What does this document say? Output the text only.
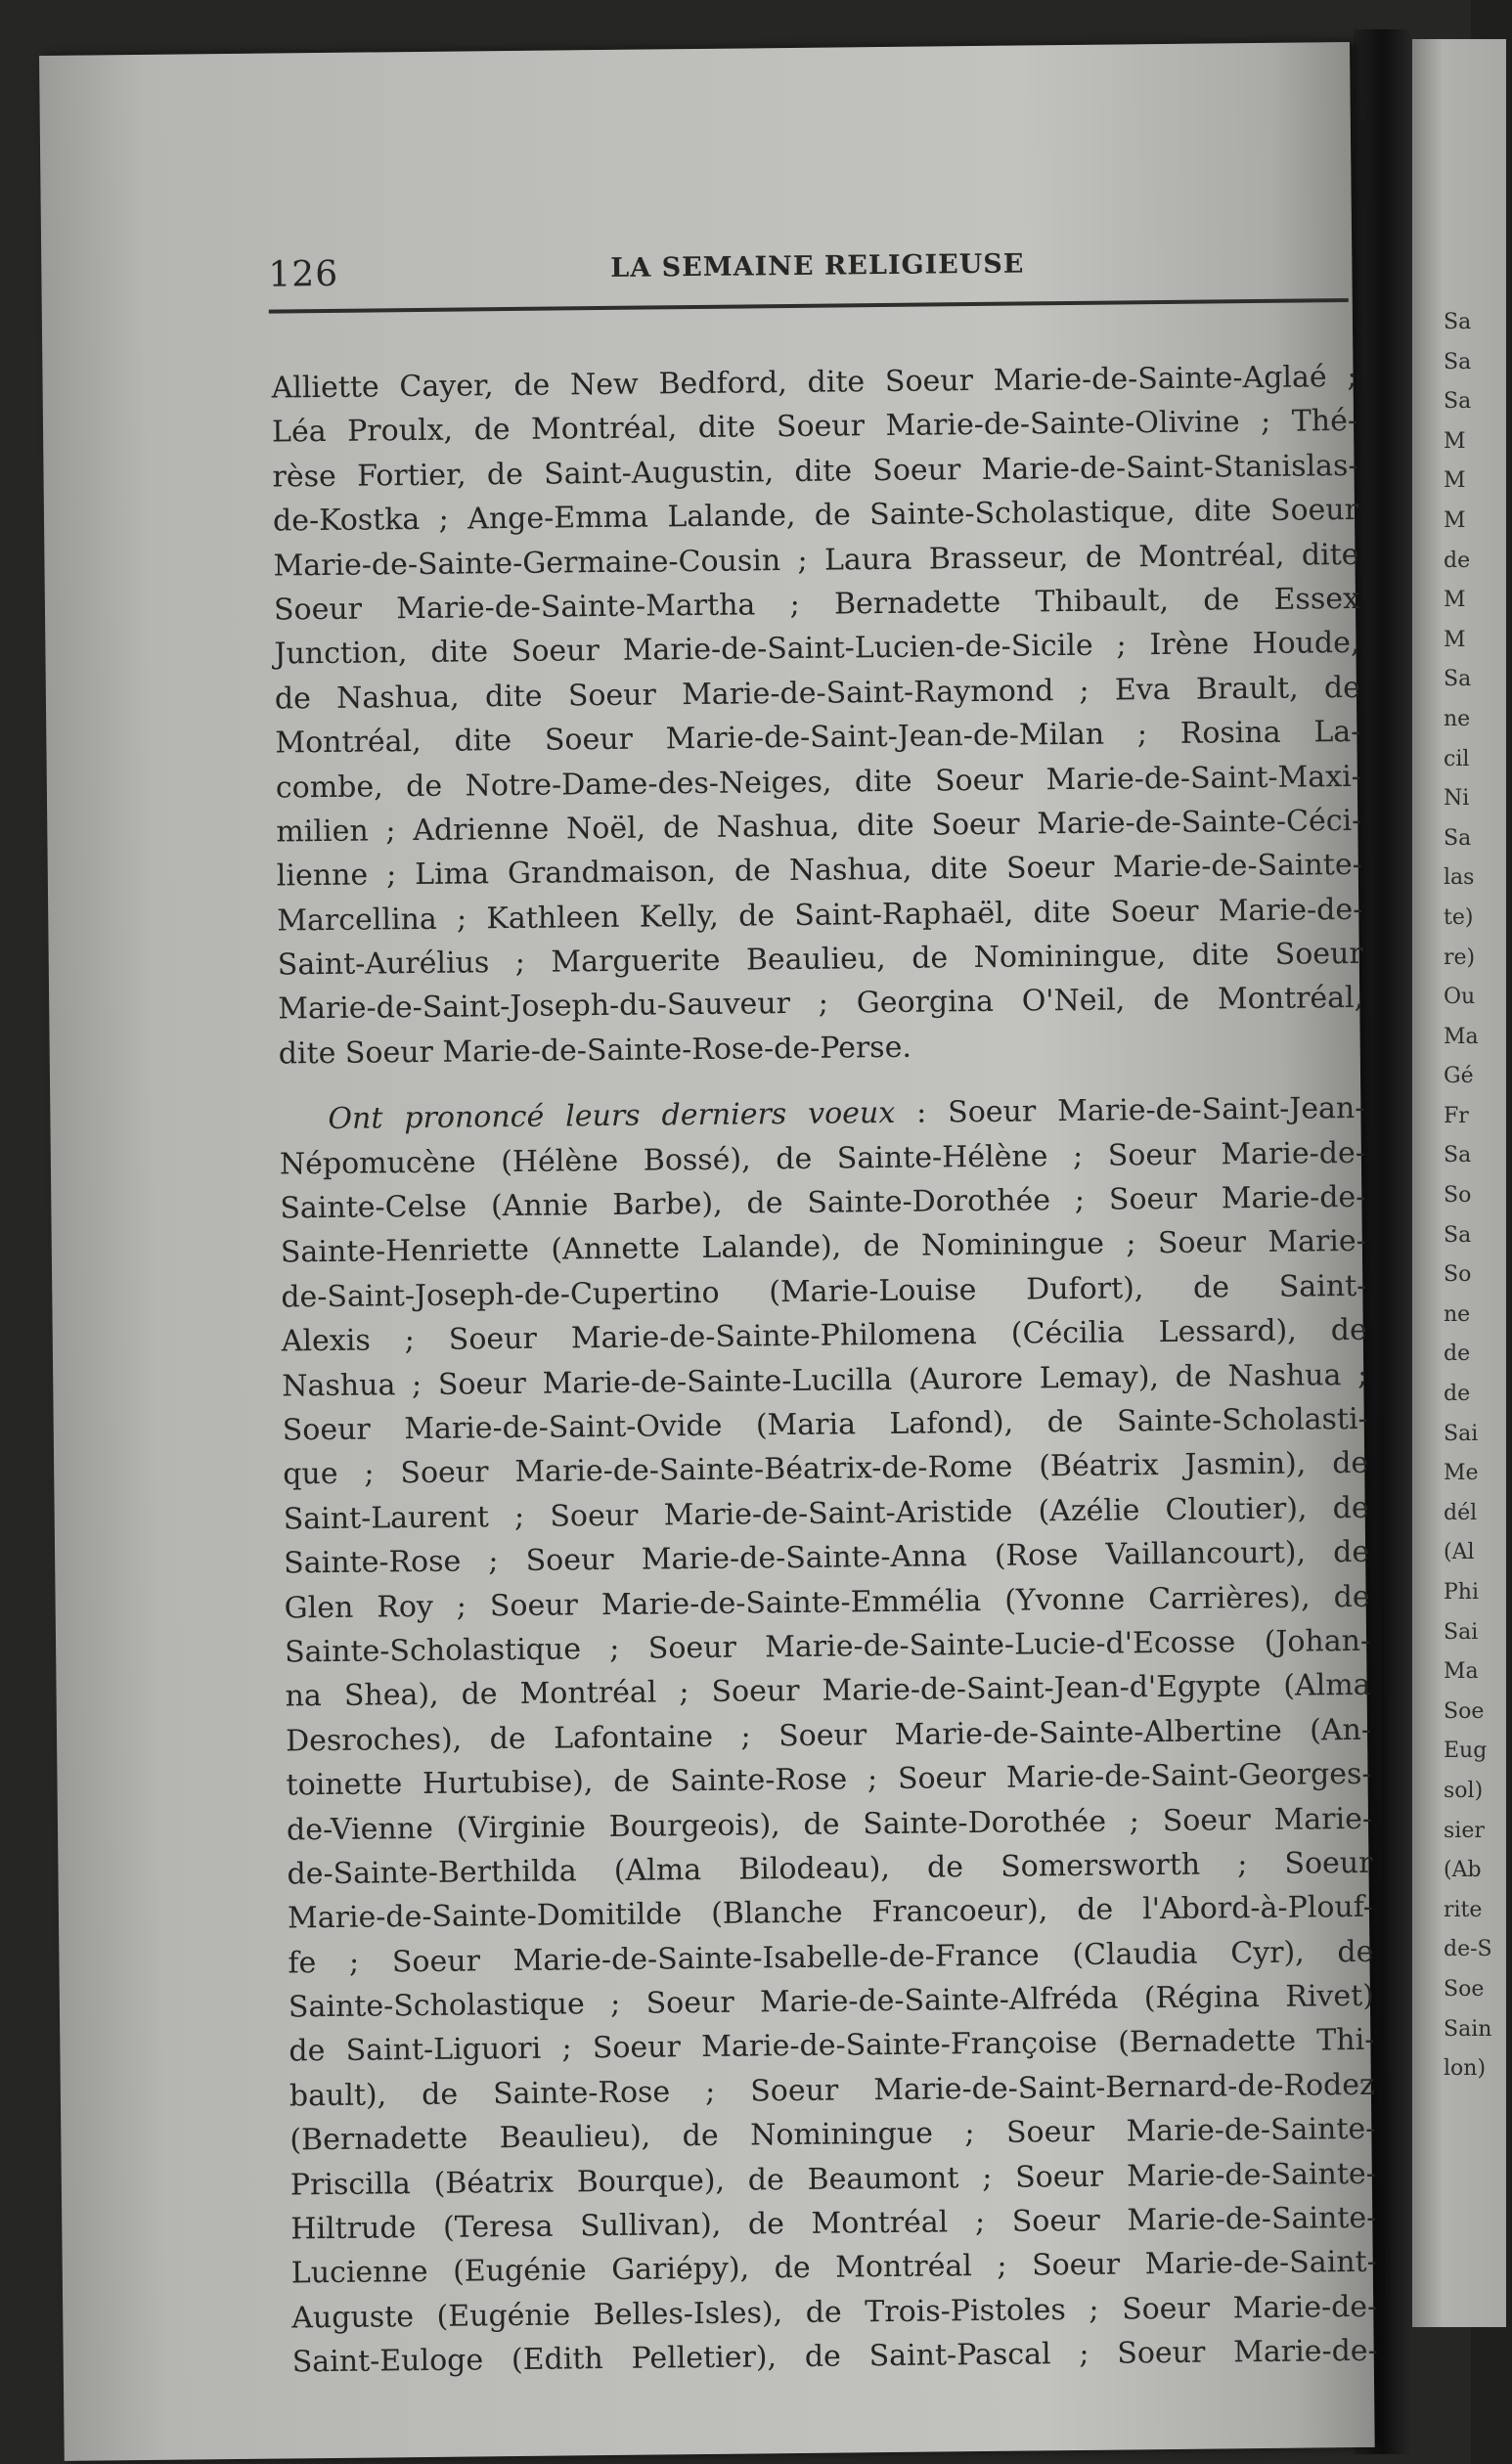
Sa
Sa
Sa
M
M
M
de
M
M
Sa
ne
cil
Ni
Sa
las
te)
re)
Ou
Ma
Gé
Fr
Sa
So
Sa
So
ne
de
de
Sai
Me
dél
(Al
Phi
Sai
Ma
Soe
Eug
sol)
sier
(Ab
rite
de-S
Soe
Sain
lon)
126	LA SEMAINE RELIGIEUSE
Alliette Cayer, de New Bedford, dite Soeur Marie-de-Sainte-Aglaé ;
Léa Proulx, de Montréal, dite Soeur Marie-de-Sainte-Olivine ; Thé-
rèse Fortier, de Saint-Augustin, dite Soeur Marie-de-Saint-Stanislas-
de-Kostka ; Ange-Emma Lalande, de Sainte-Scholastique, dite Soeur
Marie-de-Sainte-Germaine-Cousin ; Laura Brasseur, de Montréal, dite
Soeur Marie-de-Sainte-Martha ; Bernadette Thibault, de Essex
Junction, dite Soeur Marie-de-Saint-Lucien-de-Sicile ; Irène Houde,
de Nashua, dite Soeur Marie-de-Saint-Raymond ; Eva Brault, de
Montréal, dite Soeur Marie-de-Saint-Jean-de-Milan ; Rosina La-
combe, de Notre-Dame-des-Neiges, dite Soeur Marie-de-Saint-Maxi-
milien ; Adrienne Noël, de Nashua, dite Soeur Marie-de-Sainte-Céci-
lienne ; Lima Grandmaison, de Nashua, dite Soeur Marie-de-Sainte-
Marcellina ; Kathleen Kelly, de Saint-Raphaël, dite Soeur Marie-de-
Saint-Aurélius ; Marguerite Beaulieu, de Nominingue, dite Soeur
Marie-de-Saint-Joseph-du-Sauveur ; Georgina O'Neil, de Montréal,
dite Soeur Marie-de-Sainte-Rose-de-Perse.
Ont prononcé leurs derniers voeux : Soeur Marie-de-Saint-Jean-
Népomucène (Hélène Bossé), de Sainte-Hélène ; Soeur Marie-de-
Sainte-Celse (Annie Barbe), de Sainte-Dorothée ; Soeur Marie-de-
Sainte-Henriette (Annette Lalande), de Nominingue ; Soeur Marie-
de-Saint-Joseph-de-Cupertino (Marie-Louise Dufort), de Saint-
Alexis ; Soeur Marie-de-Sainte-Philomena (Cécilia Lessard), de
Nashua ; Soeur Marie-de-Sainte-Lucilla (Aurore Lemay), de Nashua ;
Soeur Marie-de-Saint-Ovide (Maria Lafond), de Sainte-Scholasti-
que ; Soeur Marie-de-Sainte-Béatrix-de-Rome (Béatrix Jasmin), de
Saint-Laurent ; Soeur Marie-de-Saint-Aristide (Azélie Cloutier), de
Sainte-Rose ; Soeur Marie-de-Sainte-Anna (Rose Vaillancourt), de
Glen Roy ; Soeur Marie-de-Sainte-Emmélia (Yvonne Carrières), de
Sainte-Scholastique ; Soeur Marie-de-Sainte-Lucie-d'Ecosse (Johan-
na Shea), de Montréal ; Soeur Marie-de-Saint-Jean-d'Egypte (Alma
Desroches), de Lafontaine ; Soeur Marie-de-Sainte-Albertine (An-
toinette Hurtubise), de Sainte-Rose ; Soeur Marie-de-Saint-Georges-
de-Vienne (Virginie Bourgeois), de Sainte-Dorothée ; Soeur Marie-
de-Sainte-Berthilda (Alma Bilodeau), de Somersworth ; Soeur
Marie-de-Sainte-Domitilde (Blanche Francoeur), de l'Abord-à-Plouf-
fe ; Soeur Marie-de-Sainte-Isabelle-de-France (Claudia Cyr), de
Sainte-Scholastique ; Soeur Marie-de-Sainte-Alfréda (Régina Rivet)
de Saint-Liguori ; Soeur Marie-de-Sainte-Françoise (Bernadette Thi-
bault), de Sainte-Rose ; Soeur Marie-de-Saint-Bernard-de-Rodez
(Bernadette Beaulieu), de Nominingue ; Soeur Marie-de-Sainte-
Priscilla (Béatrix Bourque), de Beaumont ; Soeur Marie-de-Sainte-
Hiltrude (Teresa Sullivan), de Montréal ; Soeur Marie-de-Sainte-
Lucienne (Eugénie Gariépy), de Montréal ; Soeur Marie-de-Saint-
Auguste (Eugénie Belles-Isles), de Trois-Pistoles ; Soeur Marie-de-
Saint-Euloge (Edith Pelletier), de Saint-Pascal ; Soeur Marie-de-
